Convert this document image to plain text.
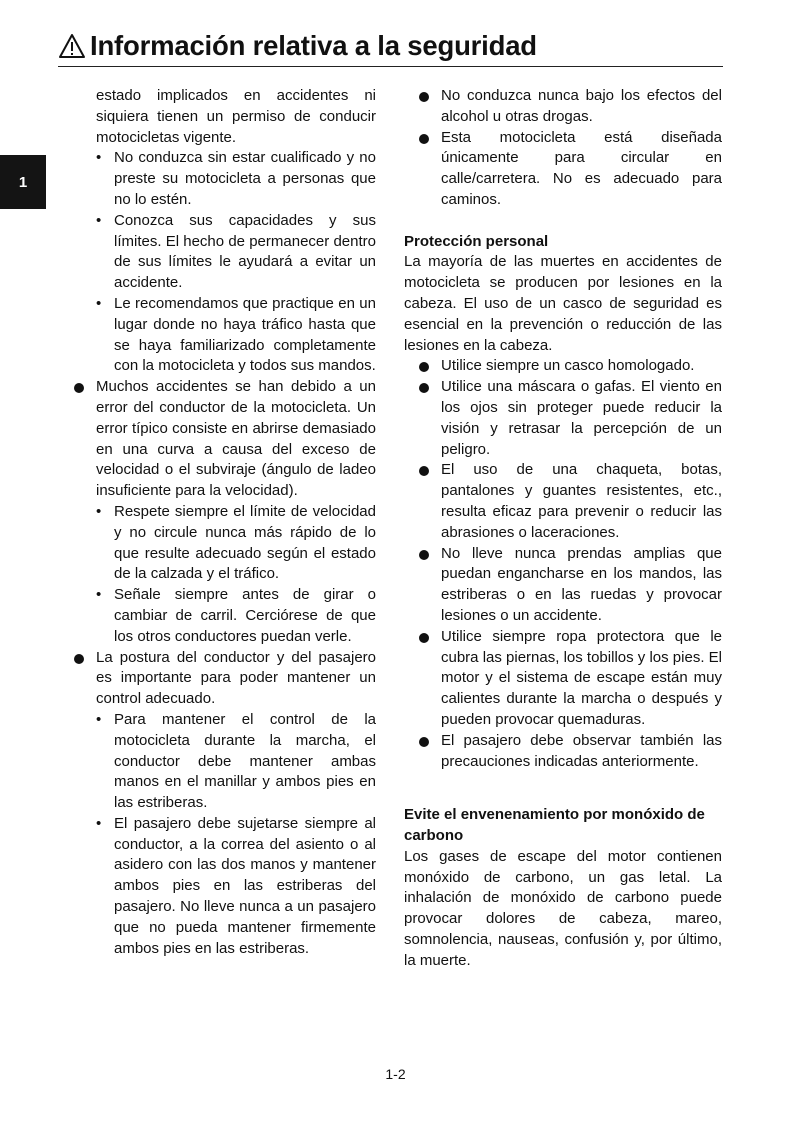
Información relativa a la seguridad
1

estado implicados en accidentes ni siquiera tienen un permiso de conducir motocicletas vigente.

• No conduzca sin estar cualificado y no preste su motocicleta a personas que no lo estén.
• Conozca sus capacidades y sus límites. El hecho de permanecer dentro de sus límites le ayudará a evitar un accidente.
• Le recomendamos que practique en un lugar donde no haya tráfico hasta que se haya familiarizado completamente con la motocicleta y todos sus mandos.
Muchos accidentes se han debido a un error del conductor de la motocicleta. Un error típico consiste en abrirse demasiado en una curva a causa del exceso de velocidad o el subviraje (ángulo de ladeo insuficiente para la velocidad).
• Respete siempre el límite de velocidad y no circule nunca más rápido de lo que resulte adecuado según el estado de la calzada y el tráfico.
• Señale siempre antes de girar o cambiar de carril. Cerciórese de que los otros conductores puedan verle.
La postura del conductor y del pasajero es importante para poder mantener un control adecuado.
• Para mantener el control de la motocicleta durante la marcha, el conductor debe mantener ambas manos en el manillar y ambos pies en las estriberas.
• El pasajero debe sujetarse siempre al conductor, a la correa del asiento o al asidero con las dos manos y mantener ambos pies en las estriberas del pasajero. No lleve nunca a un pasajero que no pueda mantener firmemente ambos pies en las estriberas.
No conduzca nunca bajo los efectos del alcohol u otras drogas.
Esta motocicleta está diseñada únicamente para circular en calle/carretera. No es adecuado para caminos.
Protección personal

La mayoría de las muertes en accidentes de motocicleta se producen por lesiones en la cabeza. El uso de un casco de seguridad es esencial en la prevención o reducción de las lesiones en la cabeza.

Utilice siempre un casco homologado.
Utilice una máscara o gafas. El viento en los ojos sin proteger puede reducir la visión y retrasar la percepción de un peligro.
El uso de una chaqueta, botas, pantalones y guantes resistentes, etc., resulta eficaz para prevenir o reducir las abrasiones o laceraciones.
No lleve nunca prendas amplias que puedan engancharse en los mandos, las estriberas o en las ruedas y provocar lesiones o un accidente.
Utilice siempre ropa protectora que le cubra las piernas, los tobillos y los pies. El motor y el sistema de escape están muy calientes durante la marcha o después y pueden provocar quemaduras.
El pasajero debe observar también las precauciones indicadas anteriormente.
Evite el envenenamiento por monóxido de carbono

Los gases de escape del motor contienen monóxido de carbono, un gas letal. La inhalación de monóxido de carbono puede provocar dolores de cabeza, mareo, somnolencia, nauseas, confusión y, por último, la muerte.

1-2
